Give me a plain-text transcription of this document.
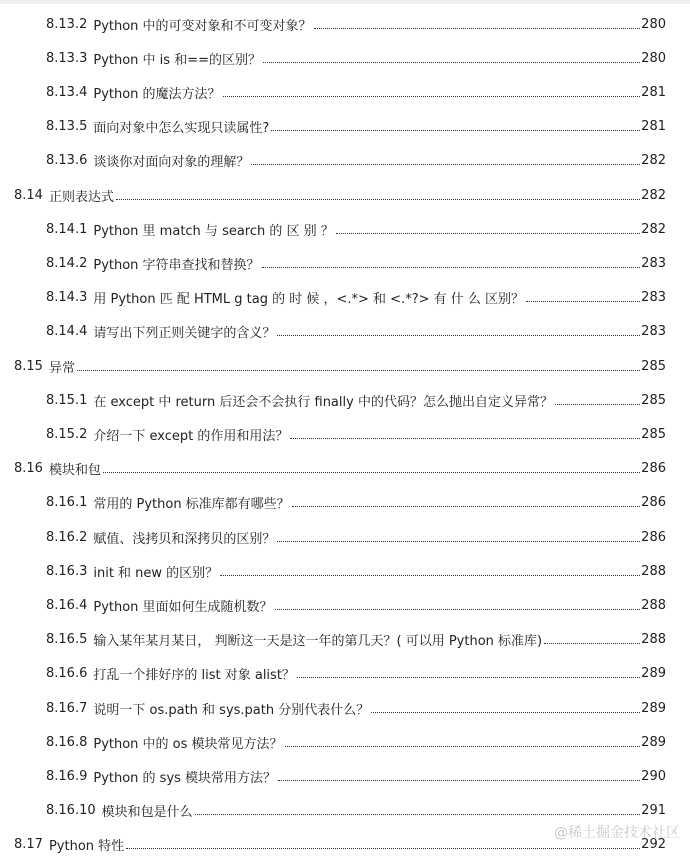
8.13.2 Python 中的可变对象和不可变对象？	280
8.13.3 Python 中 is 和==的区别？	280
8.13.4 Python 的魔法方法？	281
8.13.5 面向对象中怎么实现只读属性?	281
8.13.6 谈谈你对面向对象的理解？	282
8.14 正则表达式	282
8.14.1 Python 里 match 与 search 的 区 别 ？	282
8.14.2 Python 字符串查找和替换？	283
8.14.3 用 Python 匹 配 HTML g tag 的 时 候 ，<.*> 和 <.*?> 有 什 么 区别？	283
8.14.4 请写出下列正则关键字的含义？	283
8.15 异常	285
8.15.1 在 except 中 return 后还会不会执行 finally 中的代码？怎么抛出自定义异常？	285
8.15.2 介绍一下 except 的作用和用法？	285
8.16 模块和包	286
8.16.1 常用的 Python 标准库都有哪些？	286
8.16.2 赋值、浅拷贝和深拷贝的区别？	286
8.16.3 init 和 new 的区别？	288
8.16.4 Python 里面如何生成随机数？	288
8.16.5 输入某年某月某日， 判断这一天是这一年的第几天？( 可以用 Python 标准库)	288
8.16.6 打乱一个排好序的 list 对象 alist？	289
8.16.7 说明一下 os.path 和 sys.path 分别代表什么？	289
8.16.8 Python 中的 os 模块常见方法？	289
8.16.9 Python 的 sys 模块常用方法？	290
8.16.10 模块和包是什么	291
8.17 Python 特性	292
@稀土掘金技术社区
